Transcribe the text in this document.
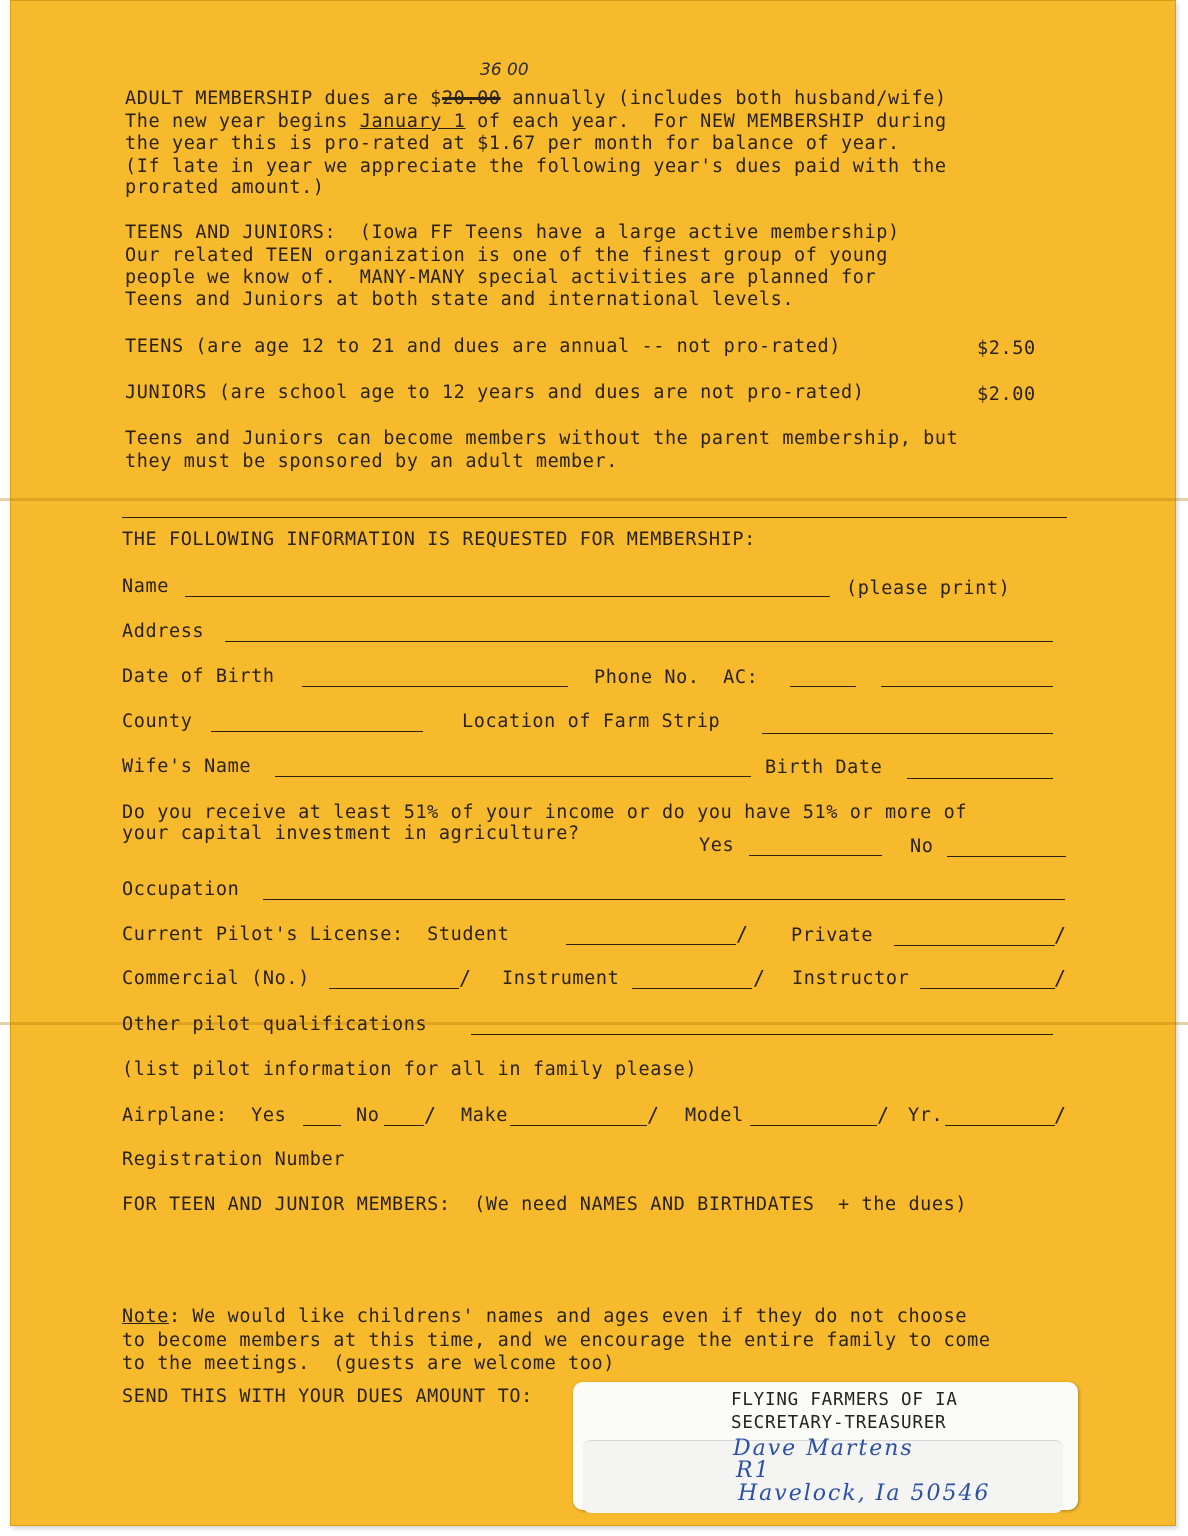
ADULT MEMBERSHIP dues are $20.00 annually (includes both husband/wife)
36 00
The new year begins January 1 of each year.  For NEW MEMBERSHIP during
the year this is pro-rated at $1.67 per month for balance of year.
(If late in year we appreciate the following year's dues paid with the
prorated amount.)
TEENS AND JUNIORS:  (Iowa FF Teens have a large active membership)
Our related TEEN organization is one of the finest group of young
people we know of.  MANY-MANY special activities are planned for
Teens and Juniors at both state and international levels.
TEENS (are age 12 to 21 and dues are annual -- not pro-rated)	$2.50
JUNIORS (are school age to 12 years and dues are not pro-rated)	$2.00
Teens and Juniors can become members without the parent membership, but
they must be sponsored by an adult member.
THE FOLLOWING INFORMATION IS REQUESTED FOR MEMBERSHIP:
Name	(please print)
Address
Date of Birth	Phone No.  AC:
County	Location of Farm Strip
Wife's Name	Birth Date
Do you receive at least 51% of your income or do you have 51% or more of
your capital investment in agriculture?
Yes	No
Occupation
Current Pilot's License:  Student	/ Private	/
Commercial (No.)	/ Instrument	/ Instructor	/
Other pilot qualifications
(list pilot information for all in family please)
Airplane:  Yes	No / Make	/ Model	/ Yr.	/
Registration Number
FOR TEEN AND JUNIOR MEMBERS:  (We need NAMES AND BIRTHDATES  + the dues)
Note: We would like childrens' names and ages even if they do not choose
to become members at this time, and we encourage the entire family to come
to the meetings.  (guests are welcome too)
SEND THIS WITH YOUR DUES AMOUNT TO:	FLYING FARMERS OF IA
SECRETARY-TREASURER
Dave Martens
R1
Havelock, Ia 50546
